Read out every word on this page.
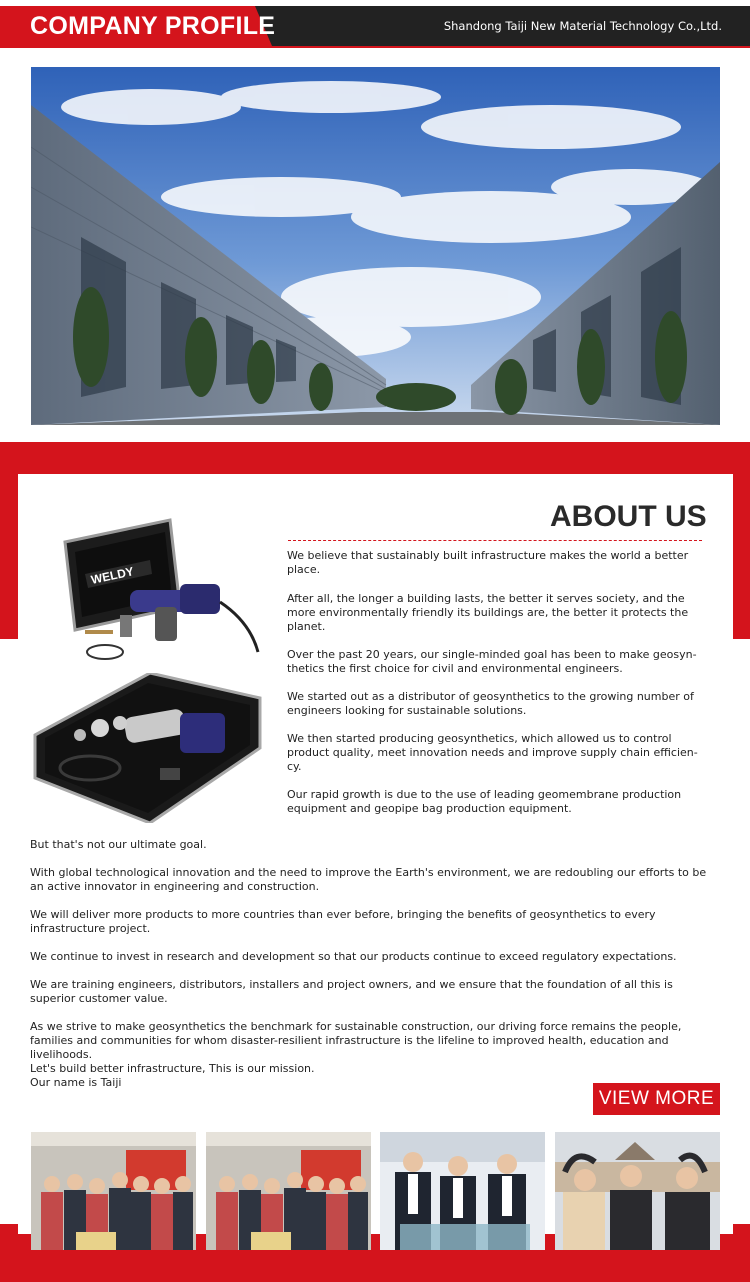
COMPANY PROFILE	Shandong Taiji New Material Technology Co.,Ltd.
WELDY
ABOUT US
We believe that sustainably built infrastructure makes the world a better place.
After all, the longer a building lasts, the better it serves society, and the more environmentally friendly its buildings are, the better it protects the planet.
Over the past 20 years, our single-minded goal has been to make geosyn-thetics the first choice for civil and environmental engineers.
We started out as a distributor of geosynthetics to the growing number of engineers looking for sustainable solutions.
We then started producing geosynthetics, which allowed us to control product quality, meet innovation needs and improve supply chain efficien-cy.
Our rapid growth is due to the use of leading geomembrane production equipment and geopipe bag production equipment.
But that's not our ultimate goal.
With global technological innovation and the need to improve the Earth's environment, we are redoubling our efforts to be an active innovator in engineering and construction.
We will deliver more products to more countries than ever before, bringing the benefits of geosynthetics to every infrastructure project.
We continue to invest in research and development so that our products continue to exceed regulatory expectations.
We are training engineers, distributors, installers and project owners, and we ensure that the foundation of all this is superior customer value.
As we strive to make geosynthetics the benchmark for sustainable construction, our driving force remains the people, families and communities for whom disaster-resilient infrastructure is the lifeline to improved health, education and livelihoods.
Let's build better infrastructure, This is our mission.
Our name is Taiji
VIEW MORE
